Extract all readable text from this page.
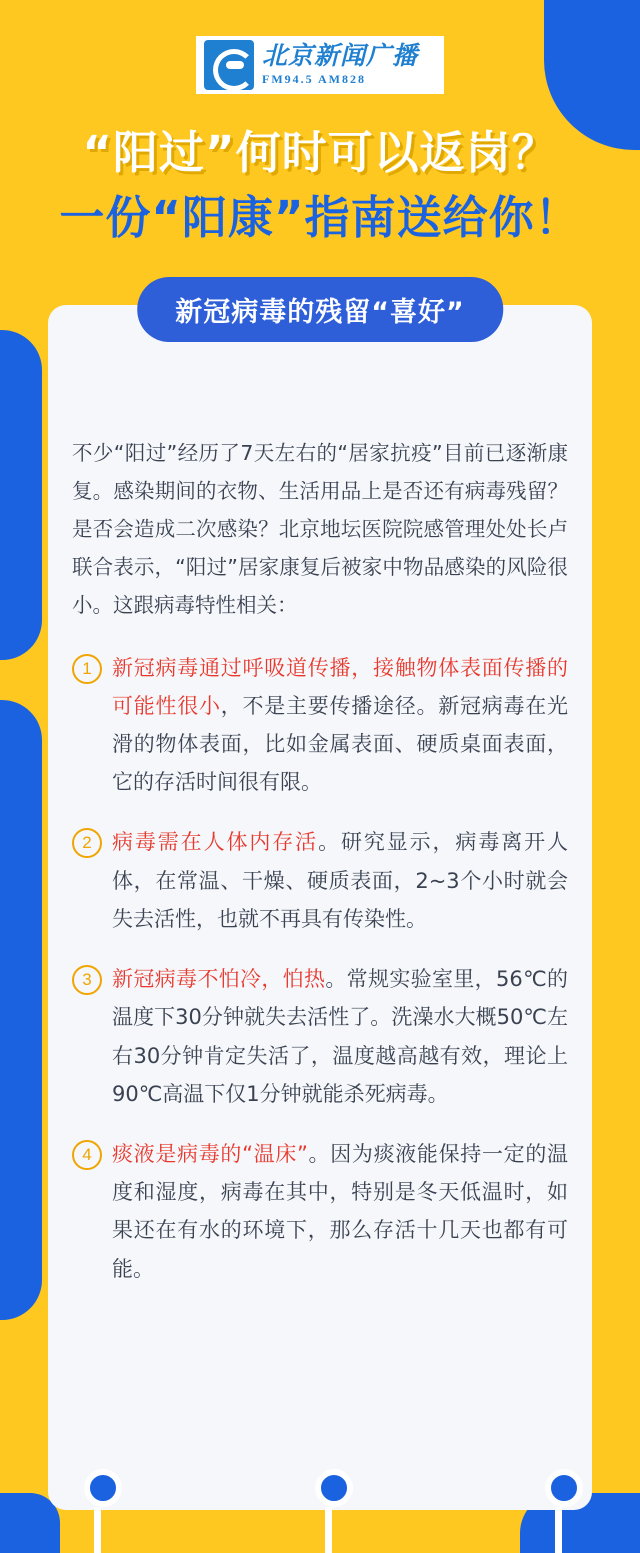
北京新闻广播
FM94.5 AM828
“阳过”何时可以返岗？
一份“阳康”指南送给你！
新冠病毒的残留“喜好”
不少“阳过”经历了7天左右的“居家抗疫”目前已逐渐康复。感染期间的衣物、生活用品上是否还有病毒残留？是否会造成二次感染？北京地坛医院院感管理处处长卢联合表示，“阳过”居家康复后被家中物品感染的风险很小。这跟病毒特性相关：
1 新冠病毒通过呼吸道传播，接触物体表面传播的可能性很小，不是主要传播途径。新冠病毒在光滑的物体表面，比如金属表面、硬质桌面表面，它的存活时间很有限。
2 病毒需在人体内存活。研究显示，病毒离开人体，在常温、干燥、硬质表面，2~3个小时就会失去活性，也就不再具有传染性。
3 新冠病毒不怕冷，怕热。常规实验室里，56℃的温度下30分钟就失去活性了。洗澡水大概50℃左右30分钟肯定失活了，温度越高越有效，理论上90℃高温下仅1分钟就能杀死病毒。
4 痰液是病毒的“温床”。因为痰液能保持一定的温度和湿度，病毒在其中，特别是冬天低温时，如果还在有水的环境下，那么存活十几天也都有可能。
